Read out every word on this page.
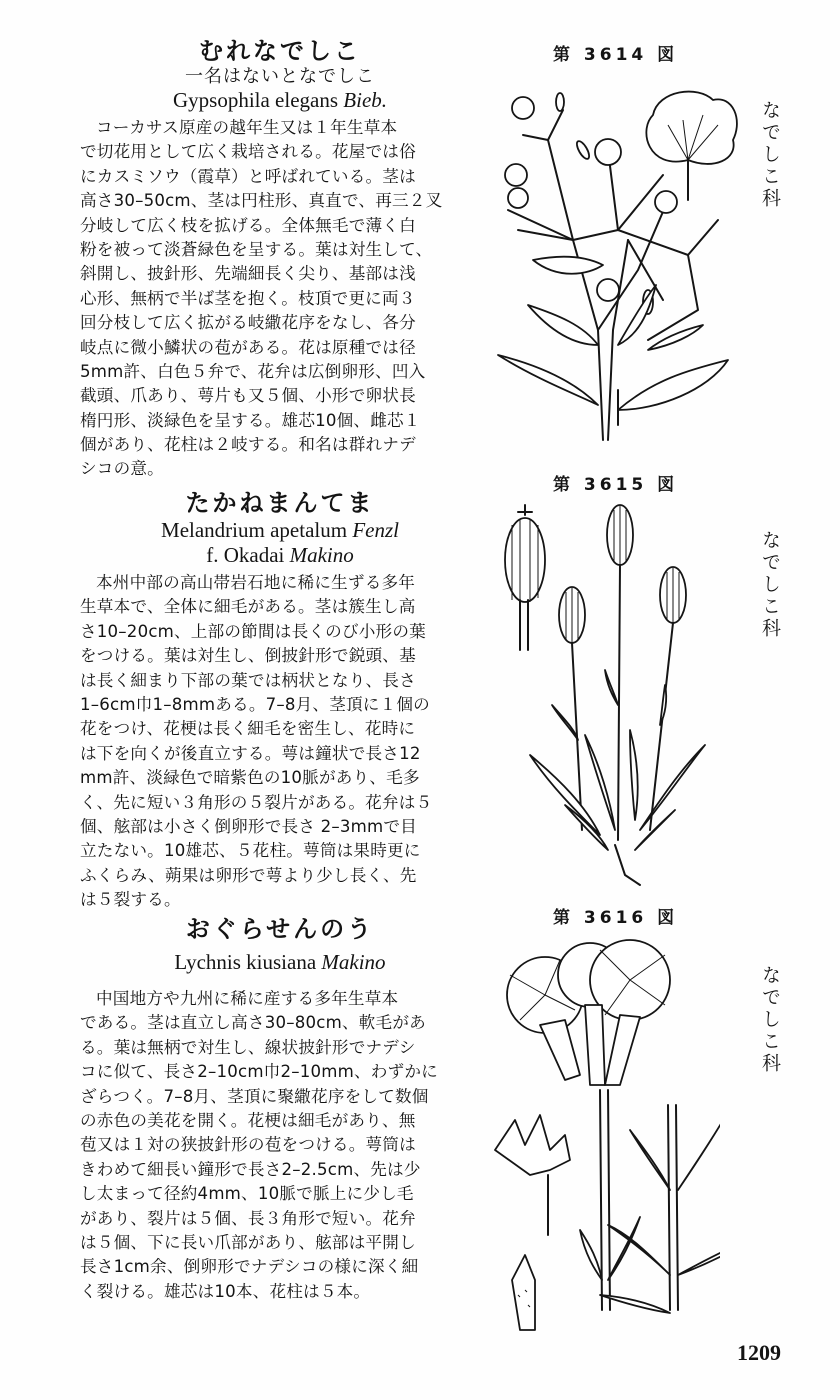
むれなでしこ
一名はないとなでしこ
Gypsophila elegans Bieb.
コーカサス原産の越年生又は１年生草本
で切花用として広く栽培される。花屋では俗
にカスミソウ（霞草）と呼ばれている。茎は
高さ30–50cm、茎は円柱形、真直で、再三２叉
分岐して広く枝を拡げる。全体無毛で薄く白
粉を被って淡蒼緑色を呈する。葉は対生して、
斜開し、披針形、先端細長く尖り、基部は浅
心形、無柄で半ば茎を抱く。枝頂で更に両３
回分枝して広く拡がる岐繖花序をなし、各分
岐点に微小鱗状の苞がある。花は原種では径
5mm許、白色５弁で、花弁は広倒卵形、凹入
截頭、爪あり、萼片も又５個、小形で卵状長
楕円形、淡緑色を呈する。雄芯10個、雌芯１
個があり、花柱は２岐する。和名は群れナデ
シコの意。
たかねまんてま
Melandrium apetalum Fenzl
f. Okadai Makino
本州中部の高山帯岩石地に稀に生ずる多年
生草本で、全体に細毛がある。茎は簇生し高
さ10–20cm、上部の節間は長くのび小形の葉
をつける。葉は対生し、倒披針形で鋭頭、基
は長く細まり下部の葉では柄状となり、長さ
1–6cm巾1–8mmある。7–8月、茎頂に１個の
花をつけ、花梗は長く細毛を密生し、花時に
は下を向くが後直立する。萼は鐘状で長さ12
mm許、淡緑色で暗紫色の10脈があり、毛多
く、先に短い３角形の５裂片がある。花弁は５
個、舷部は小さく倒卵形で長さ 2–3mmで目
立たない。10雄芯、５花柱。萼筒は果時更に
ふくらみ、蒴果は卵形で萼より少し長く、先
は５裂する。
おぐらせんのう
Lychnis kiusiana Makino
中国地方や九州に稀に産する多年生草本
である。茎は直立し高さ30–80cm、軟毛があ
る。葉は無柄で対生し、線状披針形でナデシ
コに似て、長さ2–10cm巾2–10mm、わずかに
ざらつく。7–8月、茎頂に聚繖花序をして数個
の赤色の美花を開く。花梗は細毛があり、無
苞又は１対の狭披針形の苞をつける。萼筒は
きわめて細長い鐘形で長さ2–2.5cm、先は少
し太まって径約4mm、10脈で脈上に少し毛
があり、裂片は５個、長３角形で短い。花弁
は５個、下に長い爪部があり、舷部は平開し
長さ1cm余、倒卵形でナデシコの様に深く細
く裂ける。雄芯は10本、花柱は５本。
第 3614 図
なでしこ科
第 3615 図
なでしこ科
第 3616 図
なでしこ科
1209
